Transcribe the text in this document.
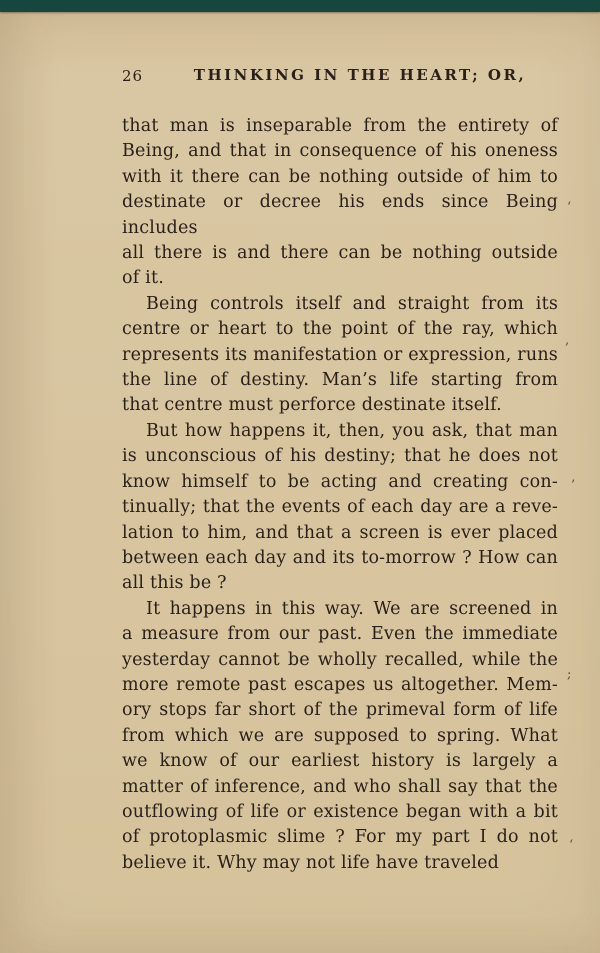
26	THINKING IN THE HEART; OR,
that man is inseparable from the entirety of
Being, and that in consequence of his oneness
with it there can be nothing outside of him to
destinate or decree his ends since Being includes
all there is and there can be nothing outside
of it.
Being controls itself and straight from its
centre or heart to the point of the ray, which
represents its manifestation or expression, runs
the line of destiny. Man’s life starting from
that centre must perforce destinate itself.
But how happens it, then, you ask, that man
is unconscious of his destiny; that he does not
know himself to be acting and creating con-
tinually; that the events of each day are a reve-
lation to him, and that a screen is ever placed
between each day and its to-morrow ? How can
all this be ?
It happens in this way. We are screened in
a measure from our past. Even the immediate
yesterday cannot be wholly recalled, while the
more remote past escapes us altogether. Mem-
ory stops far short of the primeval form of life
from which we are supposed to spring. What
we know of our earliest history is largely a
matter of inference, and who shall say that the
outflowing of life or existence began with a bit
of protoplasmic slime ? For my part I do not
believe it. Why may not life have traveled
‘
‚
’
;
‘
